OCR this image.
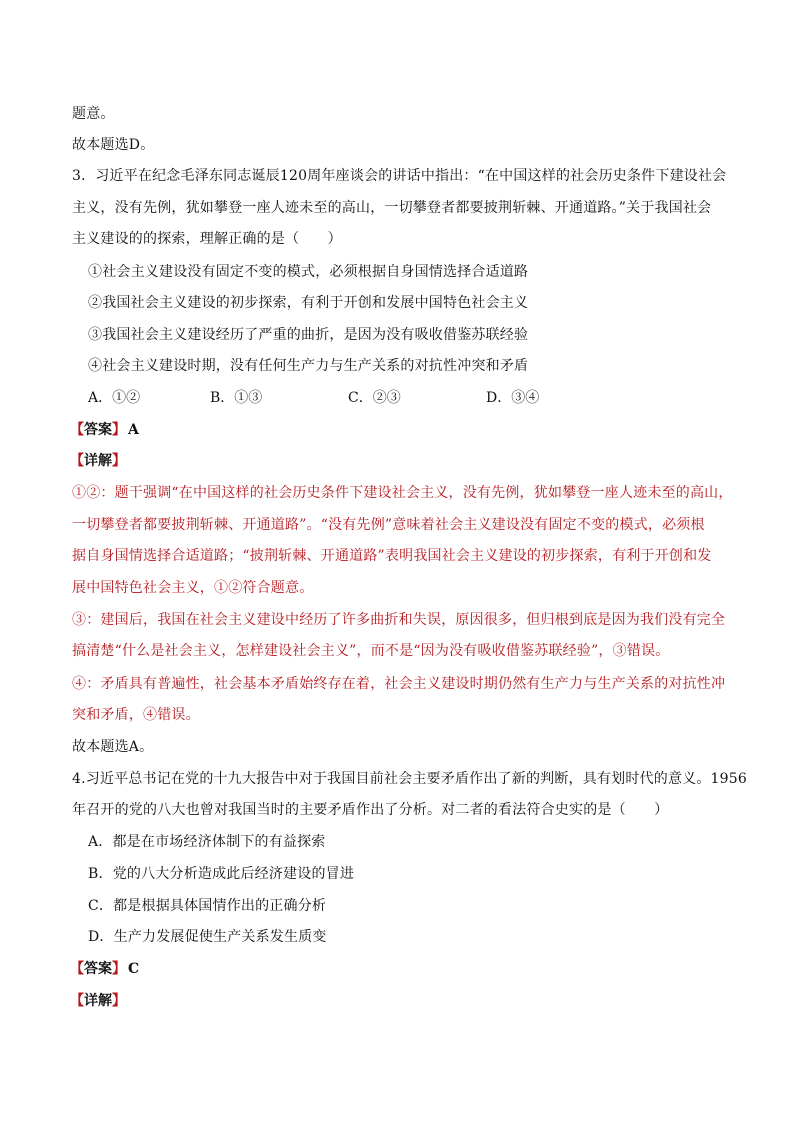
题意。
故本题选D。
3．习近平在纪念毛泽东同志诞辰120周年座谈会的讲话中指出：“在中国这样的社会历史条件下建设社会
主义，没有先例，犹如攀登一座人迹未至的高山，一切攀登者都要披荆斩棘、开通道路。”关于我国社会
主义建设的的探索，理解正确的是（　　）
①社会主义建设没有固定不变的模式，必须根据自身国情选择合适道路
②我国社会主义建设的初步探索，有利于开创和发展中国特色社会主义
③我国社会主义建设经历了严重的曲折，是因为没有吸收借鉴苏联经验
④社会主义建设时期，没有任何生产力与生产关系的对抗性冲突和矛盾
A．①②	B．①③	C．②③	D．③④
【答案】 A
【详解】
①②：题干强调“在中国这样的社会历史条件下建设社会主义，没有先例，犹如攀登一座人迹未至的高山，
一切攀登者都要披荆斩棘、开通道路”。“没有先例”意味着社会主义建设没有固定不变的模式，必须根
据自身国情选择合适道路；“披荆斩棘、开通道路”表明我国社会主义建设的初步探索，有利于开创和发
展中国特色社会主义，①②符合题意。
③：建国后，我国在社会主义建设中经历了许多曲折和失误，原因很多，但归根到底是因为我们没有完全
搞清楚“什么是社会主义，怎样建设社会主义”，而不是“因为没有吸收借鉴苏联经验”，③错误。
④：矛盾具有普遍性，社会基本矛盾始终存在着，社会主义建设时期仍然有生产力与生产关系的对抗性冲
突和矛盾，④错误。
故本题选A。
4.习近平总书记在党的十九大报告中对于我国目前社会主要矛盾作出了新的判断，具有划时代的意义。1956
年召开的党的八大也曾对我国当时的主要矛盾作出了分析。对二者的看法符合史实的是（　　）
A．都是在市场经济体制下的有益探索
B．党的八大分析造成此后经济建设的冒进
C．都是根据具体国情作出的正确分析
D．生产力发展促使生产关系发生质变
【答案】 C
【详解】
